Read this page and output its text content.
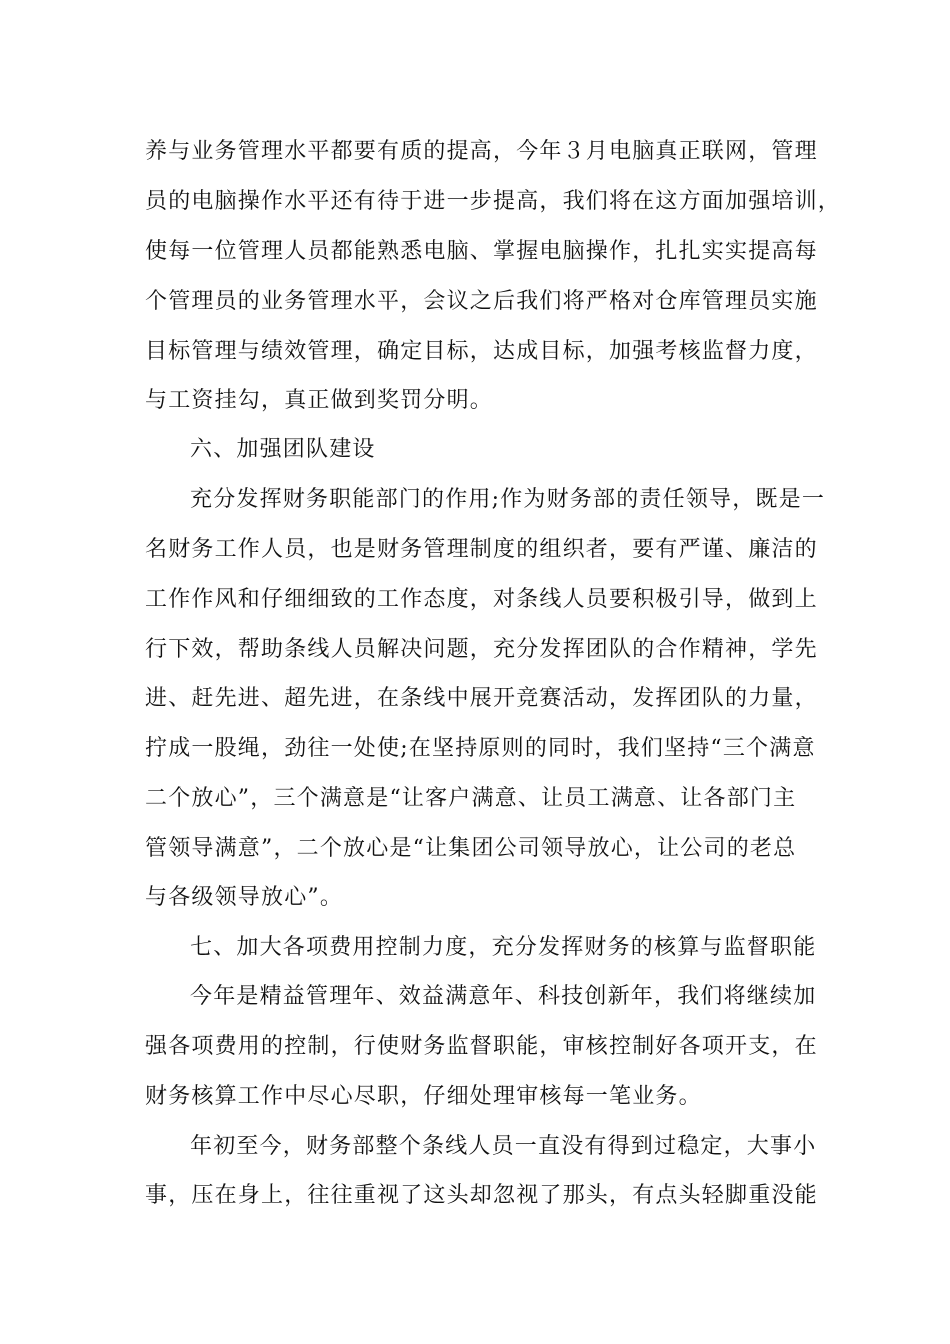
养与业务管理水平都要有质的提高，今年３月电脑真正联网，管理
员的电脑操作水平还有待于进一步提高，我们将在这方面加强培训，
使每一位管理人员都能熟悉电脑、掌握电脑操作，扎扎实实提高每
个管理员的业务管理水平，会议之后我们将严格对仓库管理员实施
目标管理与绩效管理，确定目标，达成目标，加强考核监督力度，
与工资挂勾，真正做到奖罚分明。
六、加强团队建设
充分发挥财务职能部门的作用;作为财务部的责任领导，既是一
名财务工作人员，也是财务管理制度的组织者，要有严谨、廉洁的
工作作风和仔细细致的工作态度，对条线人员要积极引导，做到上
行下效，帮助条线人员解决问题，充分发挥团队的合作精神，学先
进、赶先进、超先进，在条线中展开竞赛活动，发挥团队的力量，
拧成一股绳，劲往一处使;在坚持原则的同时，我们坚持“三个满意
二个放心”，三个满意是“让客户满意、让员工满意、让各部门主
管领导满意”，二个放心是“让集团公司领导放心，让公司的老总
与各级领导放心”。
七、加大各项费用控制力度，充分发挥财务的核算与监督职能
今年是精益管理年、效益满意年、科技创新年，我们将继续加
强各项费用的控制，行使财务监督职能，审核控制好各项开支，在
财务核算工作中尽心尽职，仔细处理审核每一笔业务。
年初至今，财务部整个条线人员一直没有得到过稳定，大事小
事，压在身上，往往重视了这头却忽视了那头，有点头轻脚重没能
